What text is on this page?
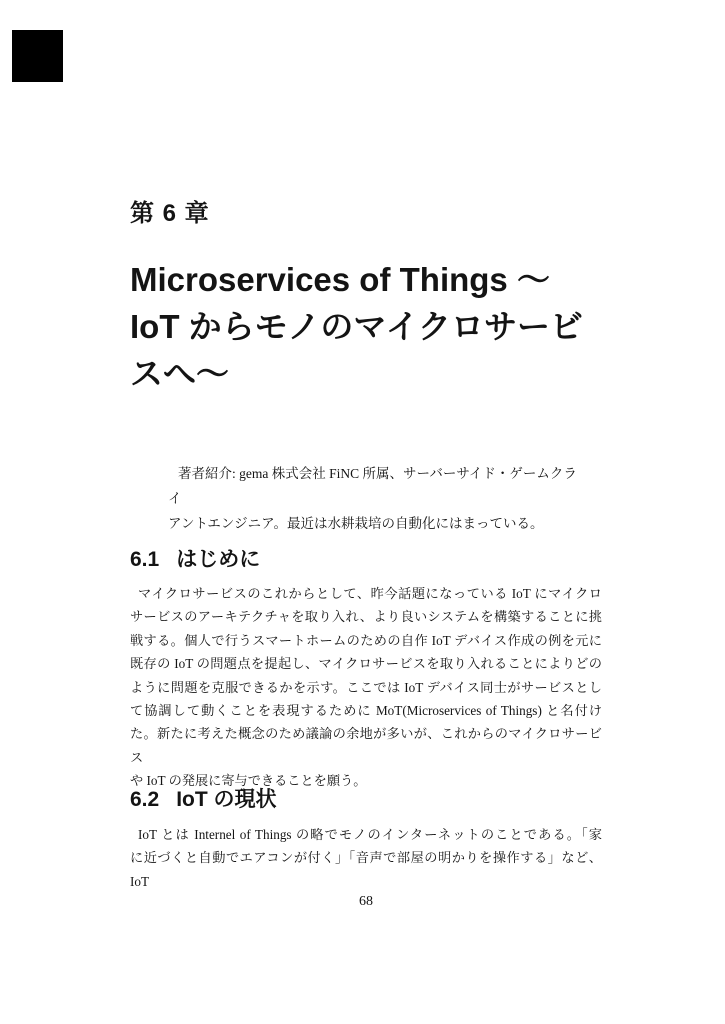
第 6 章
Microservices of Things 〜
IoT からモノのマイクロサービ
スへ〜
著者紹介: gema 株式会社 FiNC 所属、サーバーサイド・ゲームクライ
アントエンジニア。最近は水耕栽培の自動化にはまっている。
6.1 はじめに
マイクロサービスのこれからとして、昨今話題になっている IoT にマイクロ
サービスのアーキテクチャを取り入れ、より良いシステムを構築することに挑
戦する。個人で行うスマートホームのための自作 IoT デバイス作成の例を元に
既存の IoT の問題点を提起し、マイクロサービスを取り入れることによりどの
ように問題を克服できるかを示す。ここでは IoT デバイス同士がサービスとし
て協調して動くことを表現するために MoT(Microservices of Things) と名付け
た。新たに考えた概念のため議論の余地が多いが、これからのマイクロサービス
や IoT の発展に寄与できることを願う。
6.2 IoT の現状
IoT とは Internel of Things の略でモノのインターネットのことである。「家
に近づくと自動でエアコンが付く」「音声で部屋の明かりを操作する」など、IoT
68
